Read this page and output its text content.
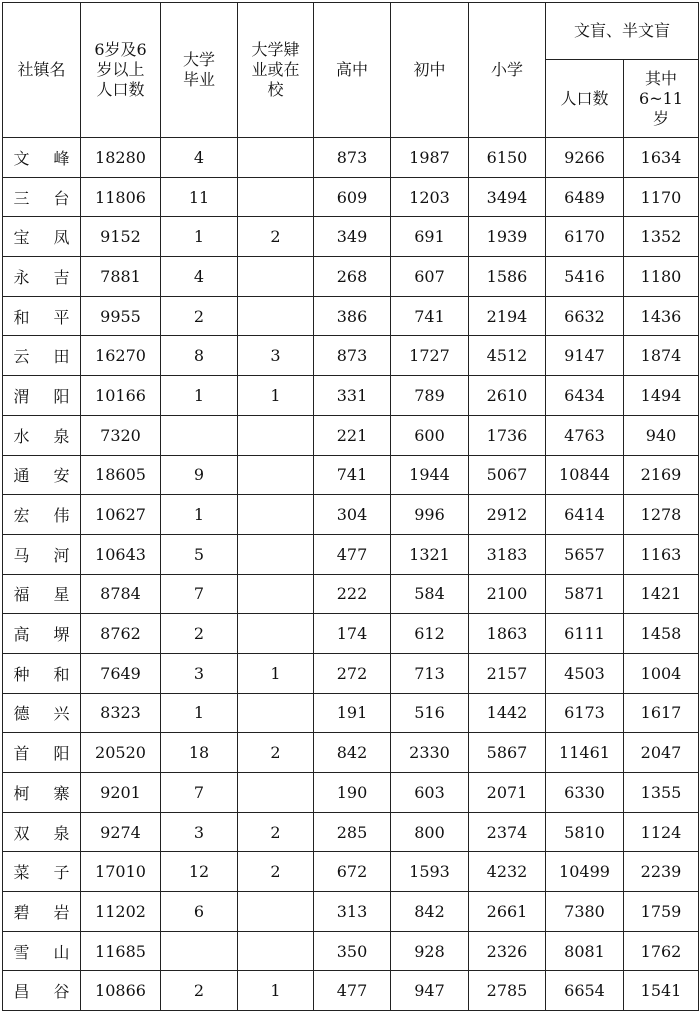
社镇名	6岁及6岁以上人口数	大学毕业	大学肄业或在校	高中	初中	小学	文盲、半文盲	
							人口数	其中6~11岁
文 峰	18280	4		873	1987	6150	9266	1634
三 台	11806	11		609	1203	3494	6489	1170
宝 凤	9152	1	2	349	691	1939	6170	1352
永 吉	7881	4		268	607	1586	5416	1180
和 平	9955	2		386	741	2194	6632	1436
云 田	16270	8	3	873	1727	4512	9147	1874
渭 阳	10166	1	1	331	789	2610	6434	1494
水 泉	7320			221	600	1736	4763	940
通 安	18605	9		741	1944	5067	10844	2169
宏 伟	10627	1		304	996	2912	6414	1278
马 河	10643	5		477	1321	3183	5657	1163
福 星	8784	7		222	584	2100	5871	1421
高 堺	8762	2		174	612	1863	6111	1458
种 和	7649	3	1	272	713	2157	4503	1004
德 兴	8323	1		191	516	1442	6173	1617
首 阳	20520	18	2	842	2330	5867	11461	2047
柯 寨	9201	7		190	603	2071	6330	1355
双 泉	9274	3	2	285	800	2374	5810	1124
菜 子	17010	12	2	672	1593	4232	10499	2239
碧 岩	11202	6		313	842	2661	7380	1759
雪 山	11685			350	928	2326	8081	1762
昌 谷	10866	2	1	477	947	2785	6654	1541
